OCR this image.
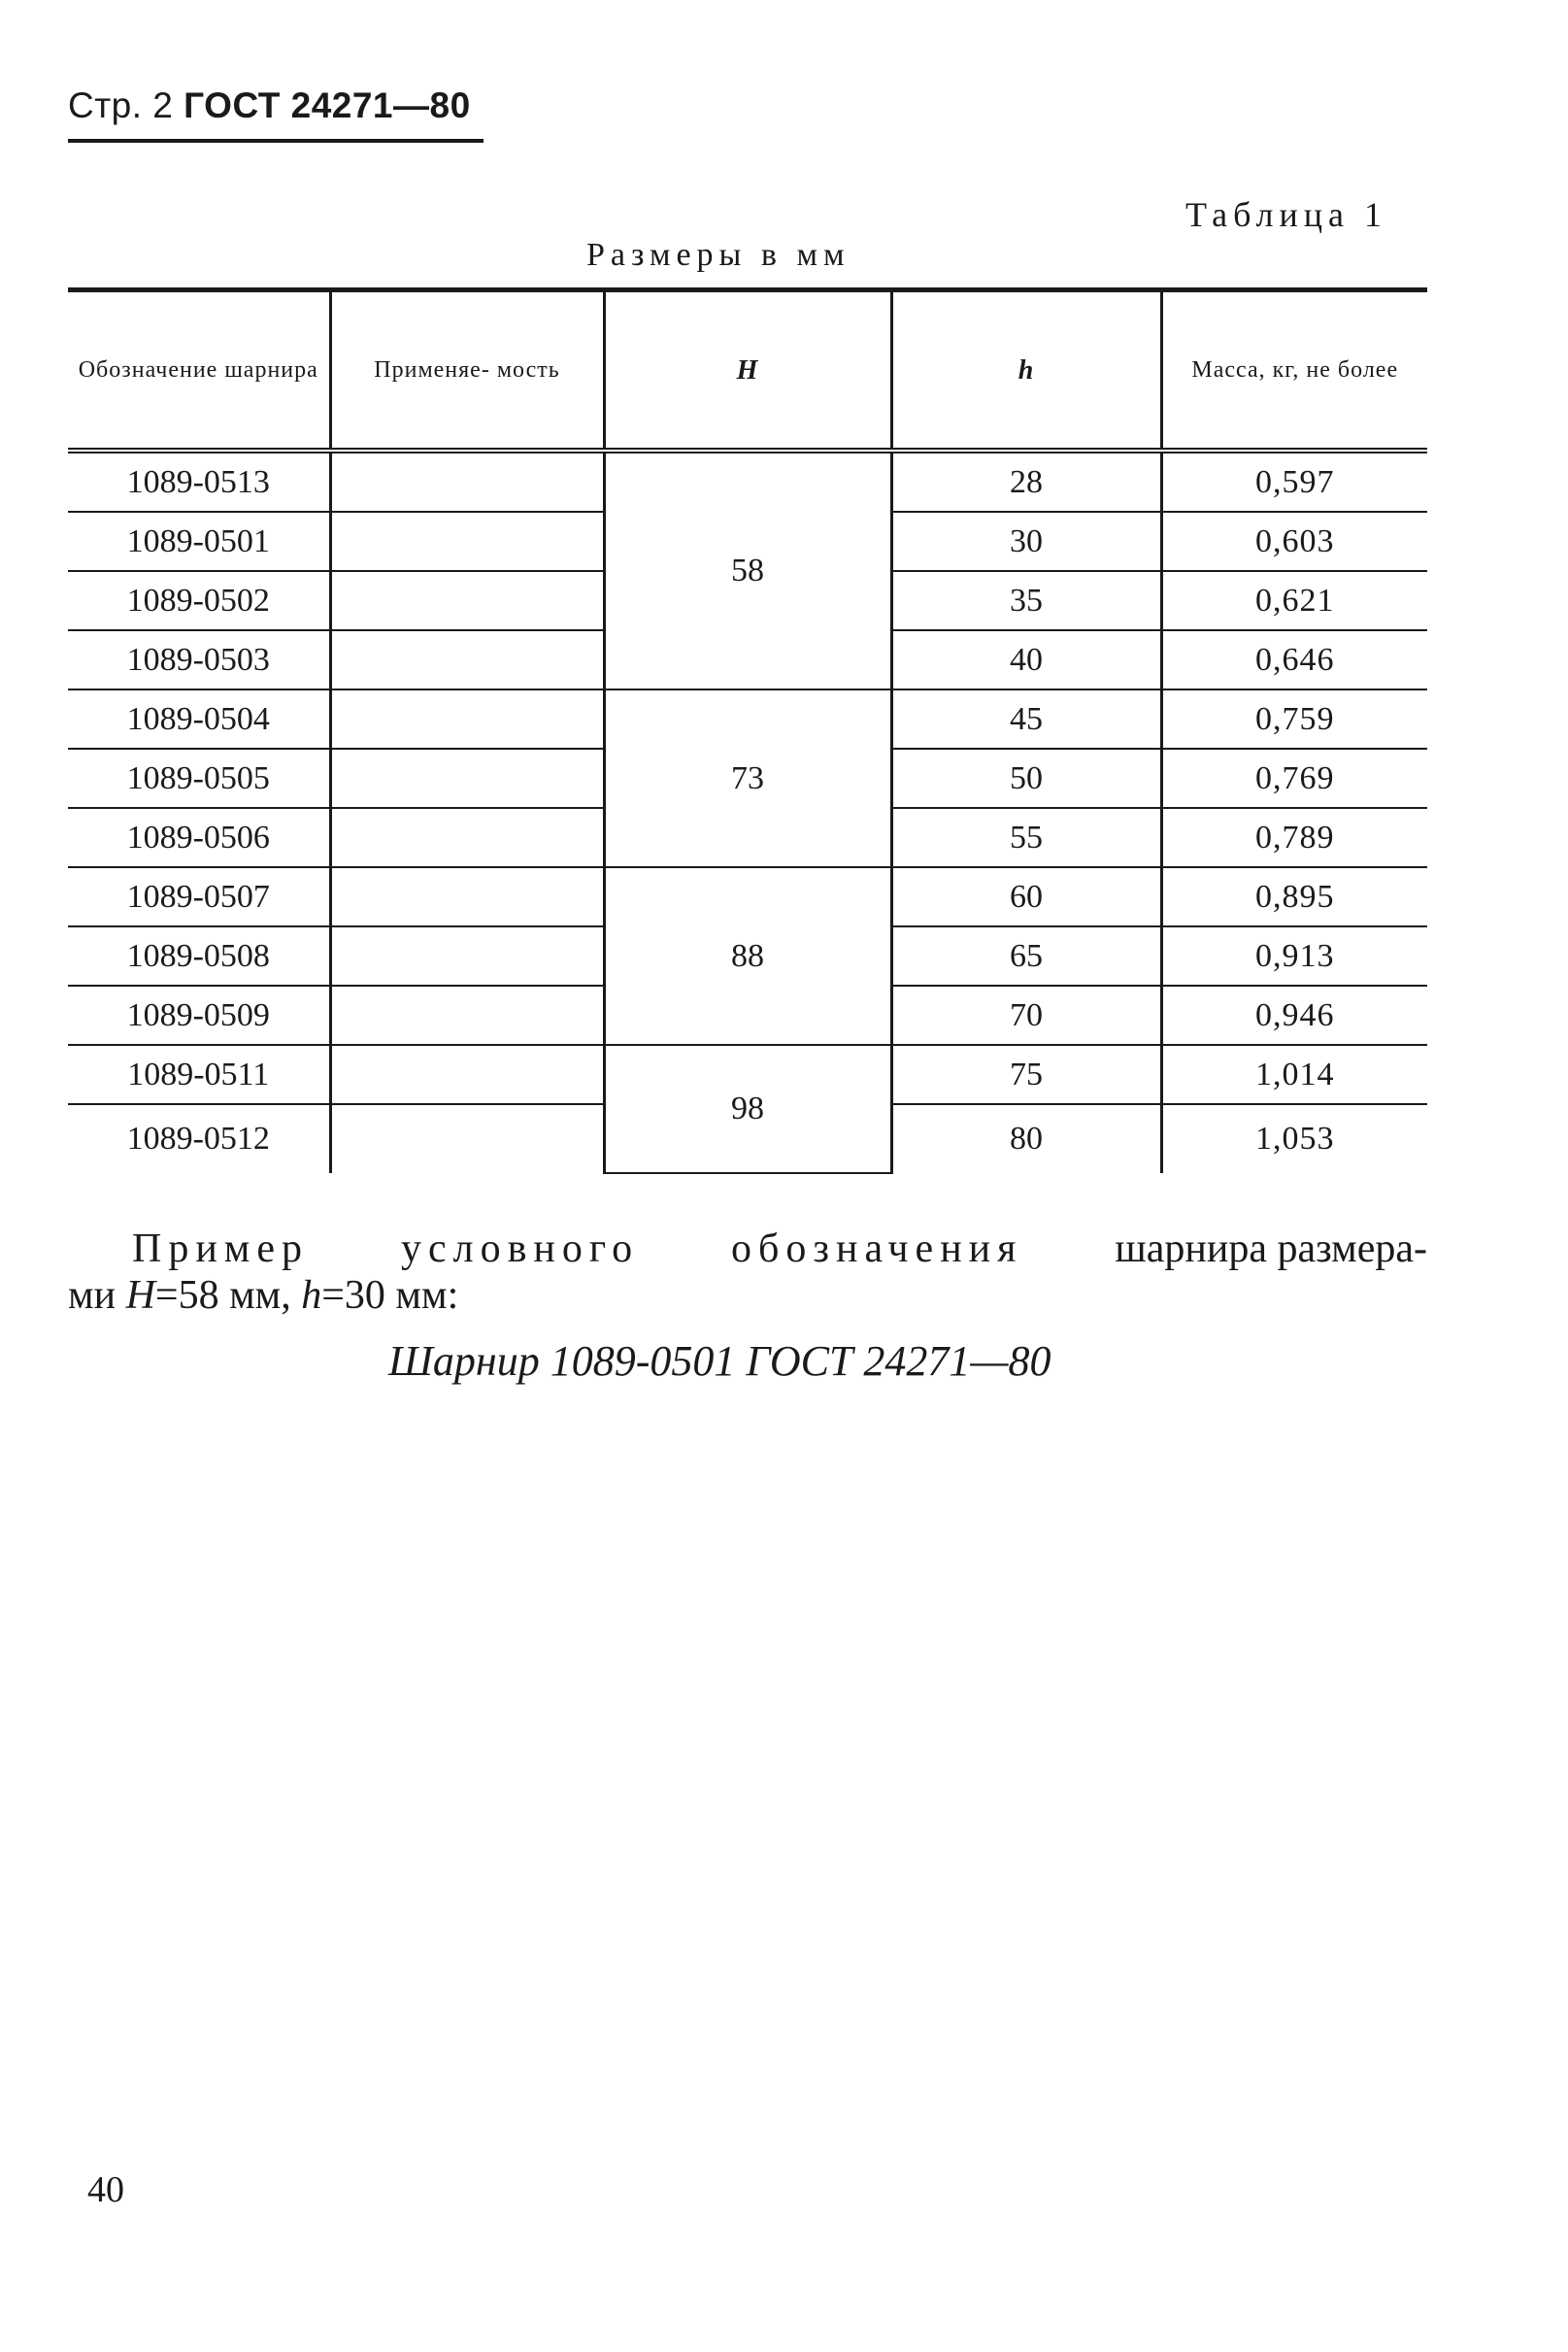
Стр. 2 ГОСТ 24271—80
Таблица 1
Размеры в мм
Обозначение шарнира	Применяе- мость	H	h	Масса, кг, не более
1089-0513		58	28	0,597
1089-0501			30	0,603
1089-0502			35	0,621
1089-0503			40	0,646
1089-0504		73	45	0,759
1089-0505			50	0,769
1089-0506			55	0,789
1089-0507		88	60	0,895
1089-0508			65	0,913
1089-0509			70	0,946
1089-0511		98	75	1,014
1089-0512			80	1,053
Пример условного обозначения шарнира размера-
ми H=58 мм, h=30 мм:
Шарнир 1089-0501 ГОСТ 24271—80
40
